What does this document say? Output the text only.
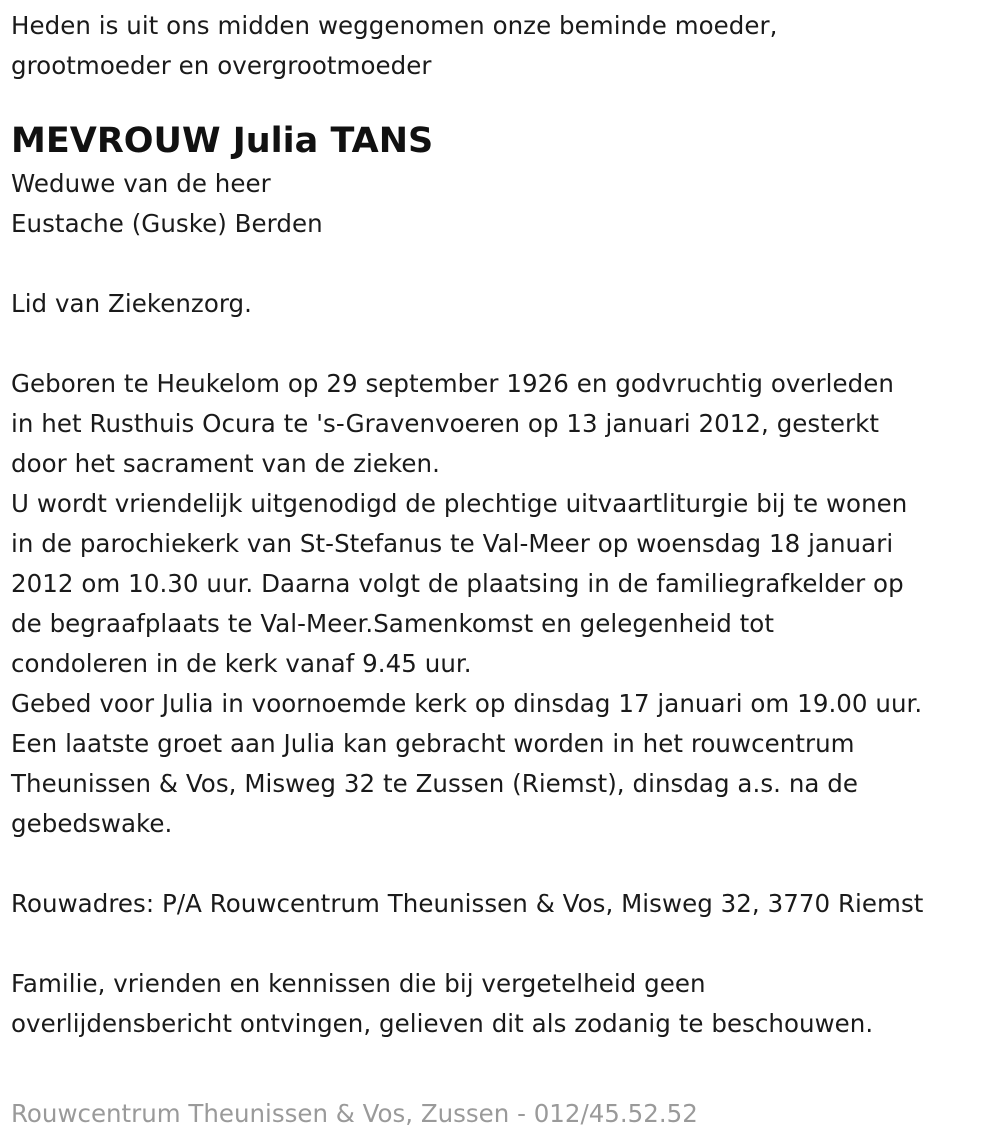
Heden is uit ons midden weggenomen onze beminde moeder,
grootmoeder en overgrootmoeder
MEVROUW Julia TANS
Weduwe van de heer
Eustache (Guske) Berden
Lid van Ziekenzorg.
Geboren te Heukelom op 29 september 1926 en godvruchtig overleden
in het Rusthuis Ocura te 's-Gravenvoeren op 13 januari 2012, gesterkt
door het sacrament van de zieken.
U wordt vriendelijk uitgenodigd de plechtige uitvaartliturgie bij te wonen
in de parochiekerk van St-Stefanus te Val-Meer op woensdag 18 januari
2012 om 10.30 uur. Daarna volgt de plaatsing in de familiegrafkelder op
de begraafplaats te Val-Meer.Samenkomst en gelegenheid tot
condoleren in de kerk vanaf 9.45 uur.
Gebed voor Julia in voornoemde kerk op dinsdag 17 januari om 19.00 uur.
Een laatste groet aan Julia kan gebracht worden in het rouwcentrum
Theunissen & Vos, Misweg 32 te Zussen (Riemst), dinsdag a.s. na de
gebedswake.
Rouwadres: P/A Rouwcentrum Theunissen & Vos, Misweg 32, 3770 Riemst
Familie, vrienden en kennissen die bij vergetelheid geen
overlijdensbericht ontvingen, gelieven dit als zodanig te beschouwen.
Rouwcentrum Theunissen & Vos, Zussen - 012/45.52.52
